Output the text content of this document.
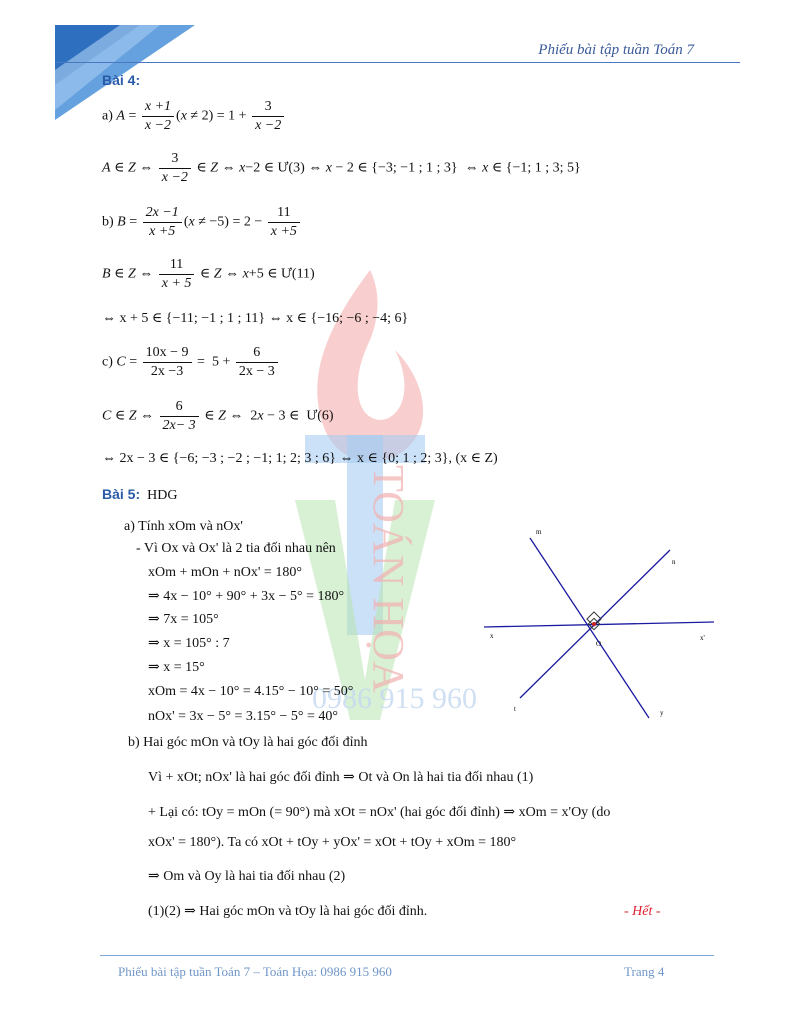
Phiếu bài tập tuần Toán 7
TOÁN HỌA
0986 915 960
Bài 4:
a) $A = \frac{x +1}{x -2} (x \ne 2) = 1 + \frac{3}{x -2}$
A ∈ Z ⇔ $\frac{3}{x -2}$ ∈ Z ⇔ x−2 ∈ Ư(3) ⇔ x − 2 ∈ {−3; −1 ; 1 ; 3}  ⇔ x ∈ {−1; 1 ; 3; 5}
b) $B = \frac{2x -1}{x +5} (x \ne -5) = 2 - \frac{11}{x +5}$
B ∈ Z ⇔ $\frac{11}{x + 5}$ ∈ Z ⇔ x+5 ∈ Ư(11)
⇔ x + 5 ∈ {−11; −1 ; 1 ; 11} ⇔ x ∈ {−16; −6 ; −4; 6}
c) $C = \frac{10x - 9}{2x -3} = 5 + \frac{6}{2x - 3}$
C ∈ Z ⇔ $\frac{6}{2x- 3}$ ∈ Z ⇔  2x − 3 ∈  Ư(6)
⇔ 2x − 3 ∈ {−6; −3 ; −2 ; −1; 1; 2; 3 ; 6} ⇔ x ∈ {0; 1 ; 2; 3}, (x ∈ Z)
Bài 5: HDG
a) Tính xOm và nOx'
- Vì Ox và Ox' là 2 tia đối nhau nên
xOm + mOn + nOx' = 180°
⇒ 4x − 10° + 90° + 3x − 5° = 180°
⇒ 7x = 105°
⇒ x = 105° : 7
⇒ x = 15°
xOm = 4x − 10° = 4.15° − 10° = 50°
nOx' = 3x − 5° = 3.15° − 5° = 40°
b) Hai góc mOn và tOy là hai góc đối đỉnh
Vì + xOt; nOx' là hai góc đối đỉnh ⇒ Ot và On là hai tia đối nhau (1)
+ Lại có: tOy = mOn (= 90°) mà xOt = nOx' (hai góc đối đỉnh) ⇒ xOm = x'Oy (do
xOx' = 180°). Ta có xOt + tOy + yOx' = xOt + tOy + xOm = 180°
⇒ Om và Oy là hai tia đối nhau (2)
(1)(2) ⇒ Hai góc mOn và tOy là hai góc đối đỉnh.	- Hết -
m
n
x	x'
O
t	y
Phiếu bài tập tuần Toán 7 – Toán Họa: 0986 915 960	Trang 4
